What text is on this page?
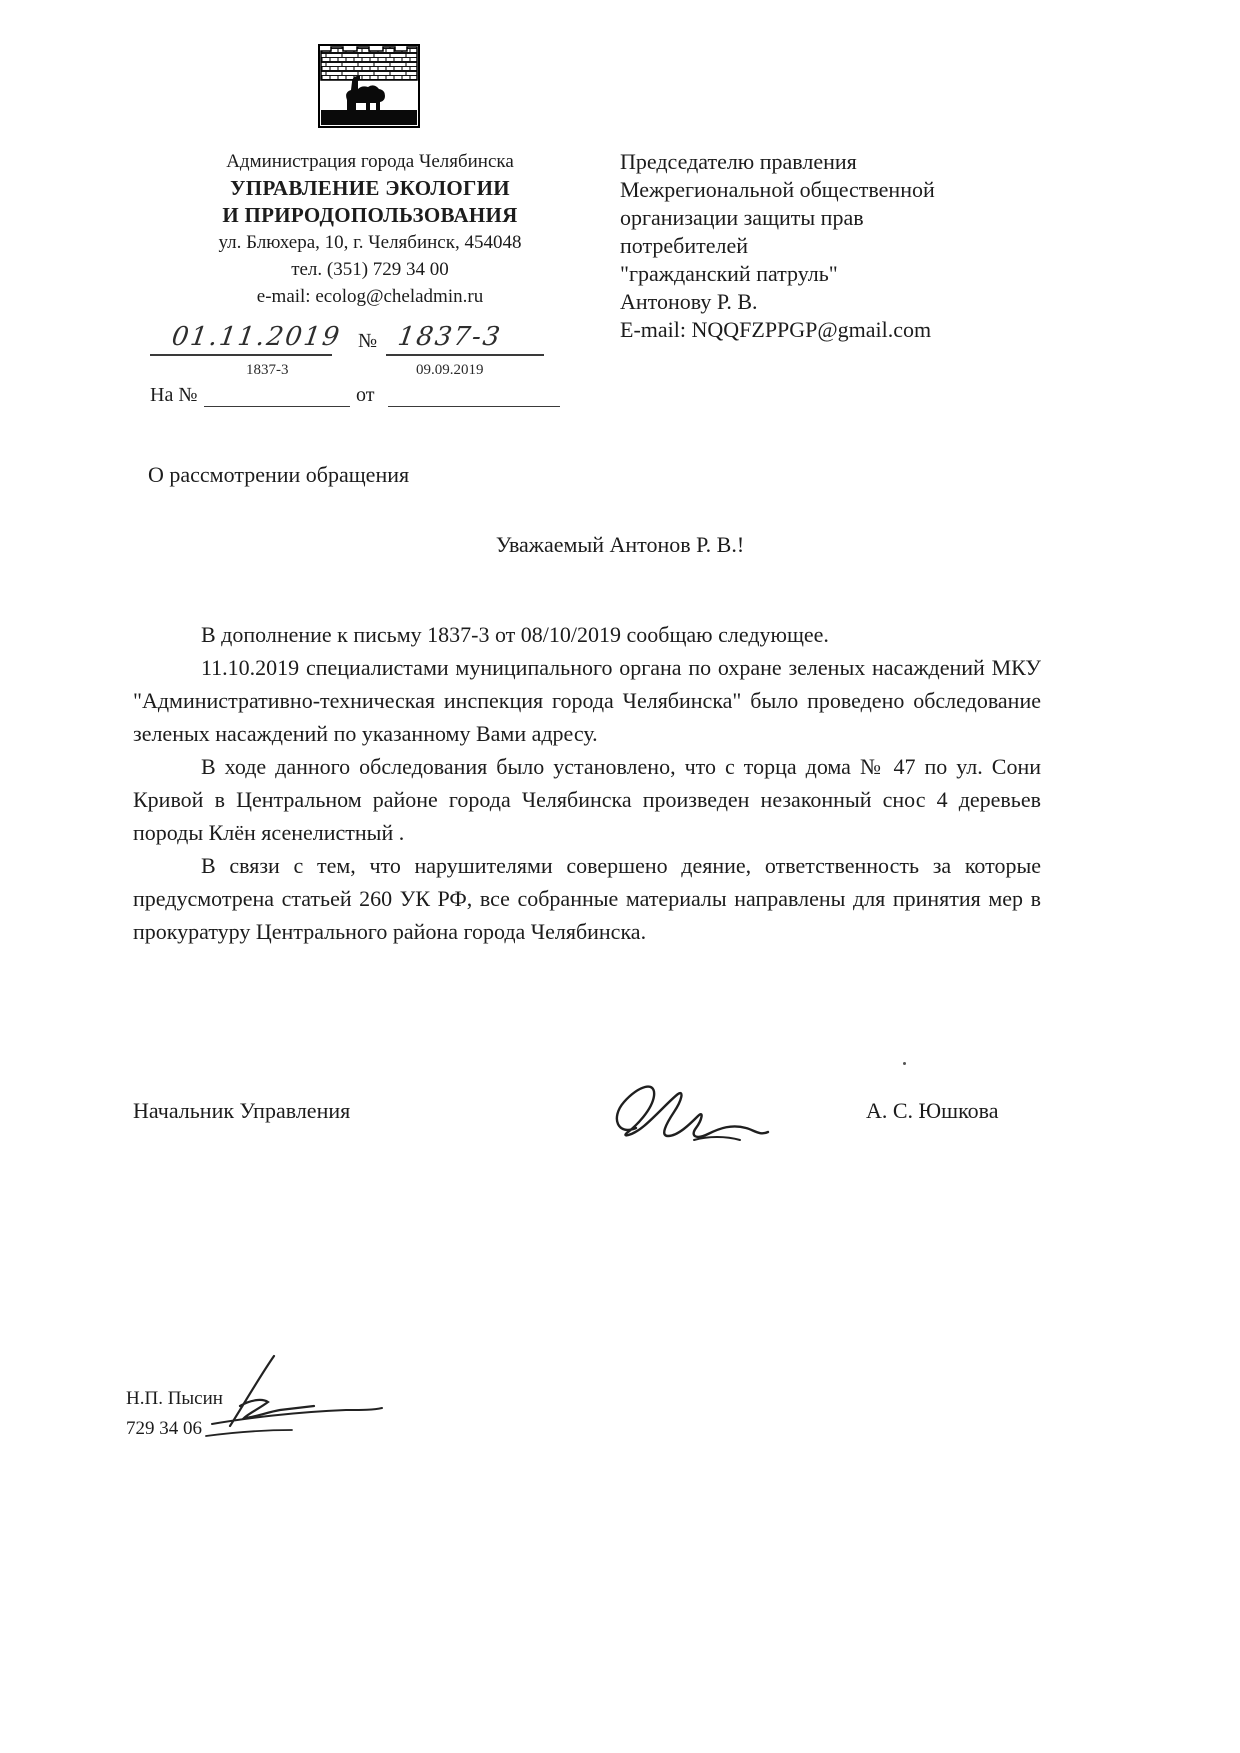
Администрация города Челябинска
УПРАВЛЕНИЕ ЭКОЛОГИИ
И ПРИРОДОПОЛЬЗОВАНИЯ
ул. Блюхера, 10, г. Челябинск, 454048
тел. (351) 729 34 00
e-mail: ecolog@cheladmin.ru
01.11.2019 № 1837-3
1837-3	09.09.2019
На №	от
Председателю правления
Межрегиональной общественной
организации защиты прав
потребителей
"гражданский патруль"
Антонову Р. В.
E-mail: NQQFZPPGP@gmail.com
О рассмотрении обращения
Уважаемый Антонов Р. В.!

В дополнение к письму 1837-3 от 08/10/2019 сообщаю следующее.

11.10.2019 специалистами муниципального органа по охране зеленых насаждений МКУ "Административно-техническая инспекция города Челябинска" было проведено обследование зеленых насаждений по указанному Вами адресу.

В ходе данного обследования было установлено, что с торца дома № 47 по ул. Сони Кривой в Центральном районе города Челябинска произведен незаконный снос 4 деревьев породы Клён ясенелистный .

В связи с тем, что нарушителями совершено деяние, ответственность за которые предусмотрена статьей 260 УК РФ, все собранные материалы направлены для принятия мер в прокуратуру Центрального района города Челябинска.

Начальник Управления	А. С. Юшкова
Н.П. Пысин
729 34 06
